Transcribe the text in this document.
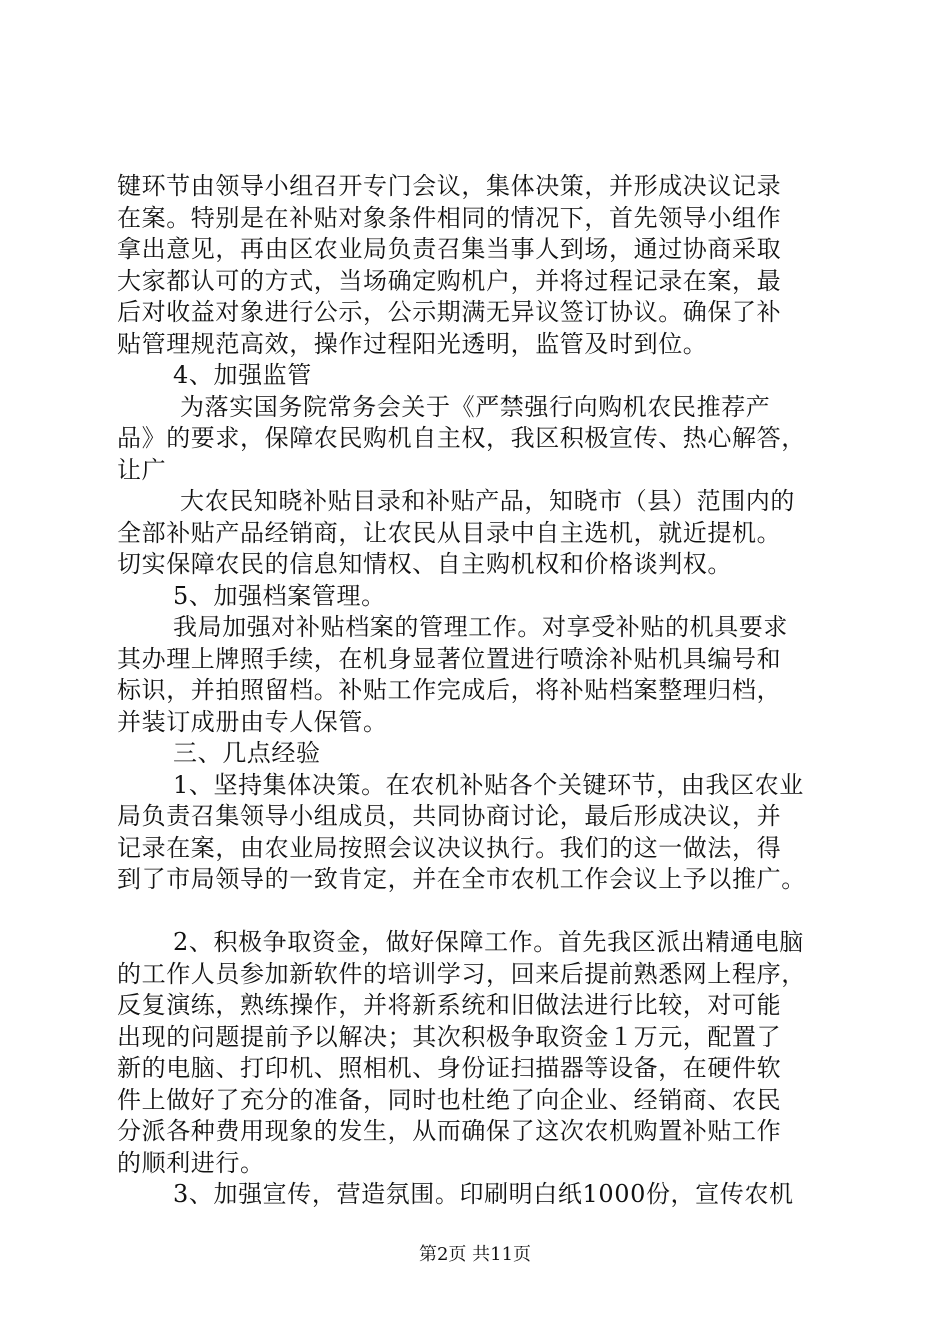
键环节由领导小组召开专门会议，集体决策，并形成决议记录
在案。特别是在补贴对象条件相同的情况下，首先领导小组作
拿出意见，再由区农业局负责召集当事人到场，通过协商采取
大家都认可的方式，当场确定购机户，并将过程记录在案，最
后对收益对象进行公示，公示期满无异议签订协议。确保了补
贴管理规范高效，操作过程阳光透明，监管及时到位。
4、加强监管
为落实国务院常务会关于《严禁强行向购机农民推荐产
品》的要求，保障农民购机自主权，我区积极宣传、热心解答，
让广
大农民知晓补贴目录和补贴产品，知晓市（县）范围内的
全部补贴产品经销商，让农民从目录中自主选机，就近提机。
切实保障农民的信息知情权、自主购机权和价格谈判权。
5、加强档案管理。
我局加强对补贴档案的管理工作。对享受补贴的机具要求
其办理上牌照手续，在机身显著位置进行喷涂补贴机具编号和
标识，并拍照留档。补贴工作完成后，将补贴档案整理归档，
并装订成册由专人保管。
三、几点经验
1、坚持集体决策。在农机补贴各个关键环节，由我区农业
局负责召集领导小组成员，共同协商讨论，最后形成决议，并
记录在案，由农业局按照会议决议执行。我们的这一做法，得
到了市局领导的一致肯定，并在全市农机工作会议上予以推广。
2、积极争取资金，做好保障工作。首先我区派出精通电脑
的工作人员参加新软件的培训学习，回来后提前熟悉网上程序，
反复演练，熟练操作，并将新系统和旧做法进行比较，对可能
出现的问题提前予以解决；其次积极争取资金１万元，配置了
新的电脑、打印机、照相机、身份证扫描器等设备，在硬件软
件上做好了充分的准备，同时也杜绝了向企业、经销商、农民
分派各种费用现象的发生，从而确保了这次农机购置补贴工作
的顺利进行。
3、加强宣传，营造氛围。印刷明白纸1000份，宣传农机
第2页 共11页
